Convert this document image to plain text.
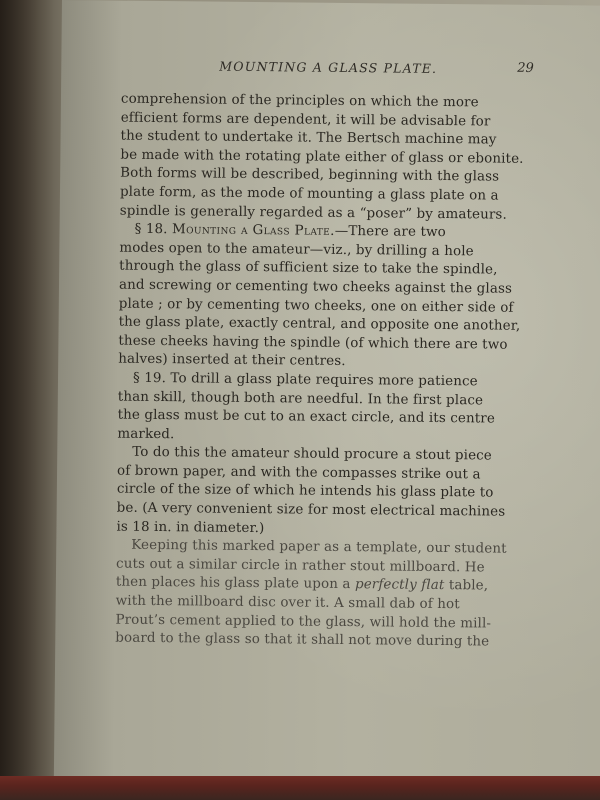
MOUNTING A GLASS PLATE.	29
comprehension of the principles on which the more
efficient forms are dependent, it will be advisable for
the student to undertake it. The Bertsch machine may
be made with the rotating plate either of glass or ebonite.
Both forms will be described, beginning with the glass
plate form, as the mode of mounting a glass plate on a
spindle is generally regarded as a “poser” by amateurs.
§ 18. Mounting a Glass Plate.—There are two
modes open to the amateur—viz., by drilling a hole
through the glass of sufficient size to take the spindle,
and screwing or cementing two cheeks against the glass
plate ; or by cementing two cheeks, one on either side of
the glass plate, exactly central, and opposite one another,
these cheeks having the spindle (of which there are two
halves) inserted at their centres.
§ 19. To drill a glass plate requires more patience
than skill, though both are needful. In the first place
the glass must be cut to an exact circle, and its centre
marked.
To do this the amateur should procure a stout piece
of brown paper, and with the compasses strike out a
circle of the size of which he intends his glass plate to
be. (A very convenient size for most electrical machines
is 18 in. in diameter.)
Keeping this marked paper as a template, our student
cuts out a similar circle in rather stout millboard. He
then places his glass plate upon a perfectly flat table,
with the millboard disc over it. A small dab of hot
Prout’s cement applied to the glass, will hold the mill-
board to the glass so that it shall not move during the
